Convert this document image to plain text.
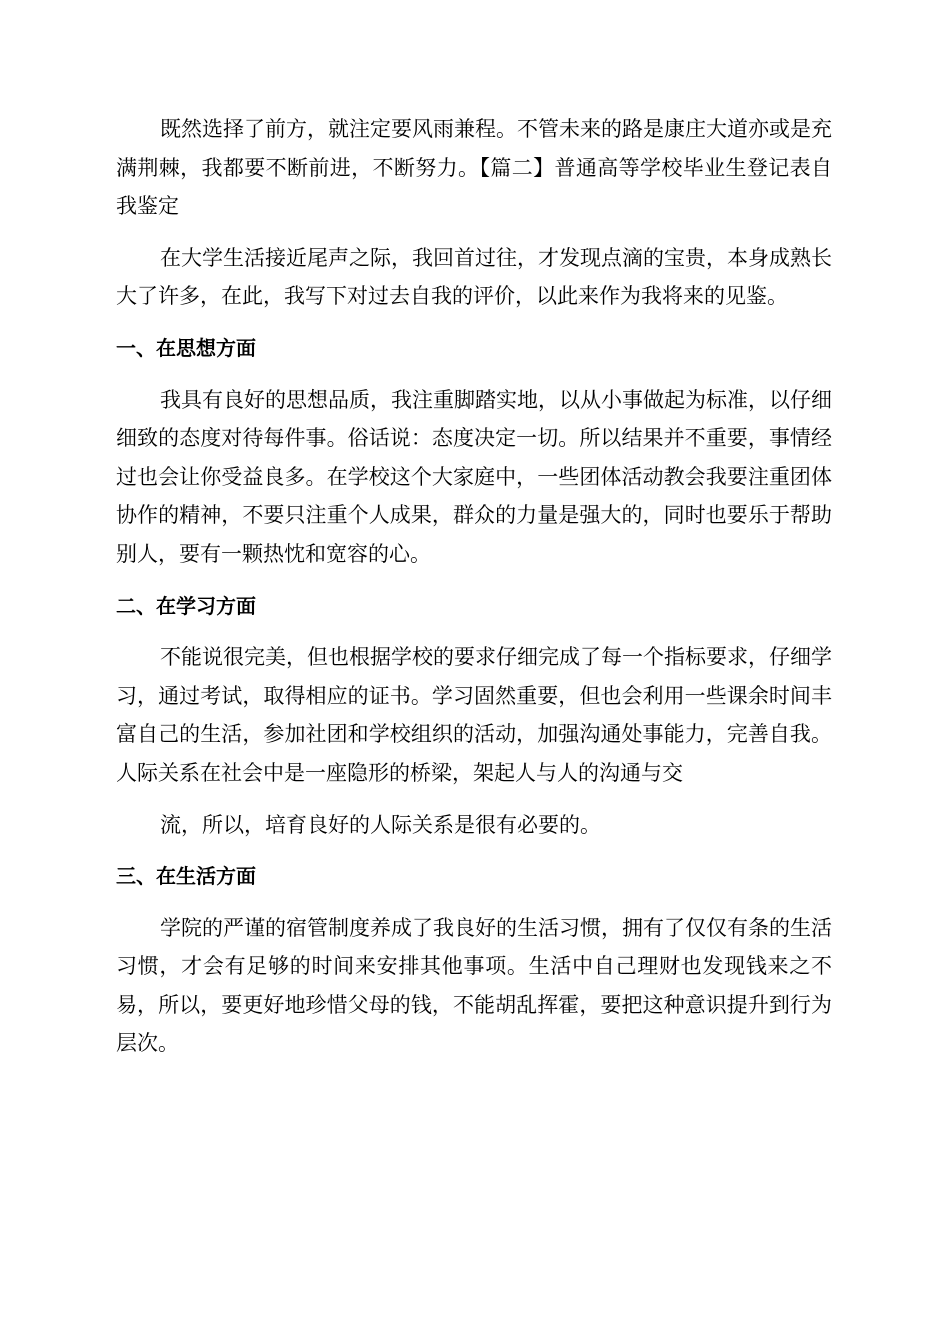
既然选择了前方，就注定要风雨兼程。不管未来的路是康庄大道亦或是充满荆棘，我都要不断前进，不断努力。【篇二】普通高等学校毕业生登记表自我鉴定

在大学生活接近尾声之际，我回首过往，才发现点滴的宝贵，本身成熟长大了许多，在此，我写下对过去自我的评价，以此来作为我将来的见鉴。

一、在思想方面

我具有良好的思想品质，我注重脚踏实地，以从小事做起为标准，以仔细细致的态度对待每件事。俗话说：态度决定一切。所以结果并不重要，事情经过也会让你受益良多。在学校这个大家庭中，一些团体活动教会我要注重团体协作的精神，不要只注重个人成果，群众的力量是强大的，同时也要乐于帮助别人，要有一颗热忱和宽容的心。

二、在学习方面

不能说很完美，但也根据学校的要求仔细完成了每一个指标要求，仔细学习，通过考试，取得相应的证书。学习固然重要，但也会利用一些课余时间丰富自己的生活，参加社团和学校组织的活动，加强沟通处事能力，完善自我。人际关系在社会中是一座隐形的桥梁，架起人与人的沟通与交

流，所以，培育良好的人际关系是很有必要的。

三、在生活方面

学院的严谨的宿管制度养成了我良好的生活习惯，拥有了仅仅有条的生活习惯，才会有足够的时间来安排其他事项。生活中自己理财也发现钱来之不易，所以，要更好地珍惜父母的钱，不能胡乱挥霍，要把这种意识提升到行为层次。
